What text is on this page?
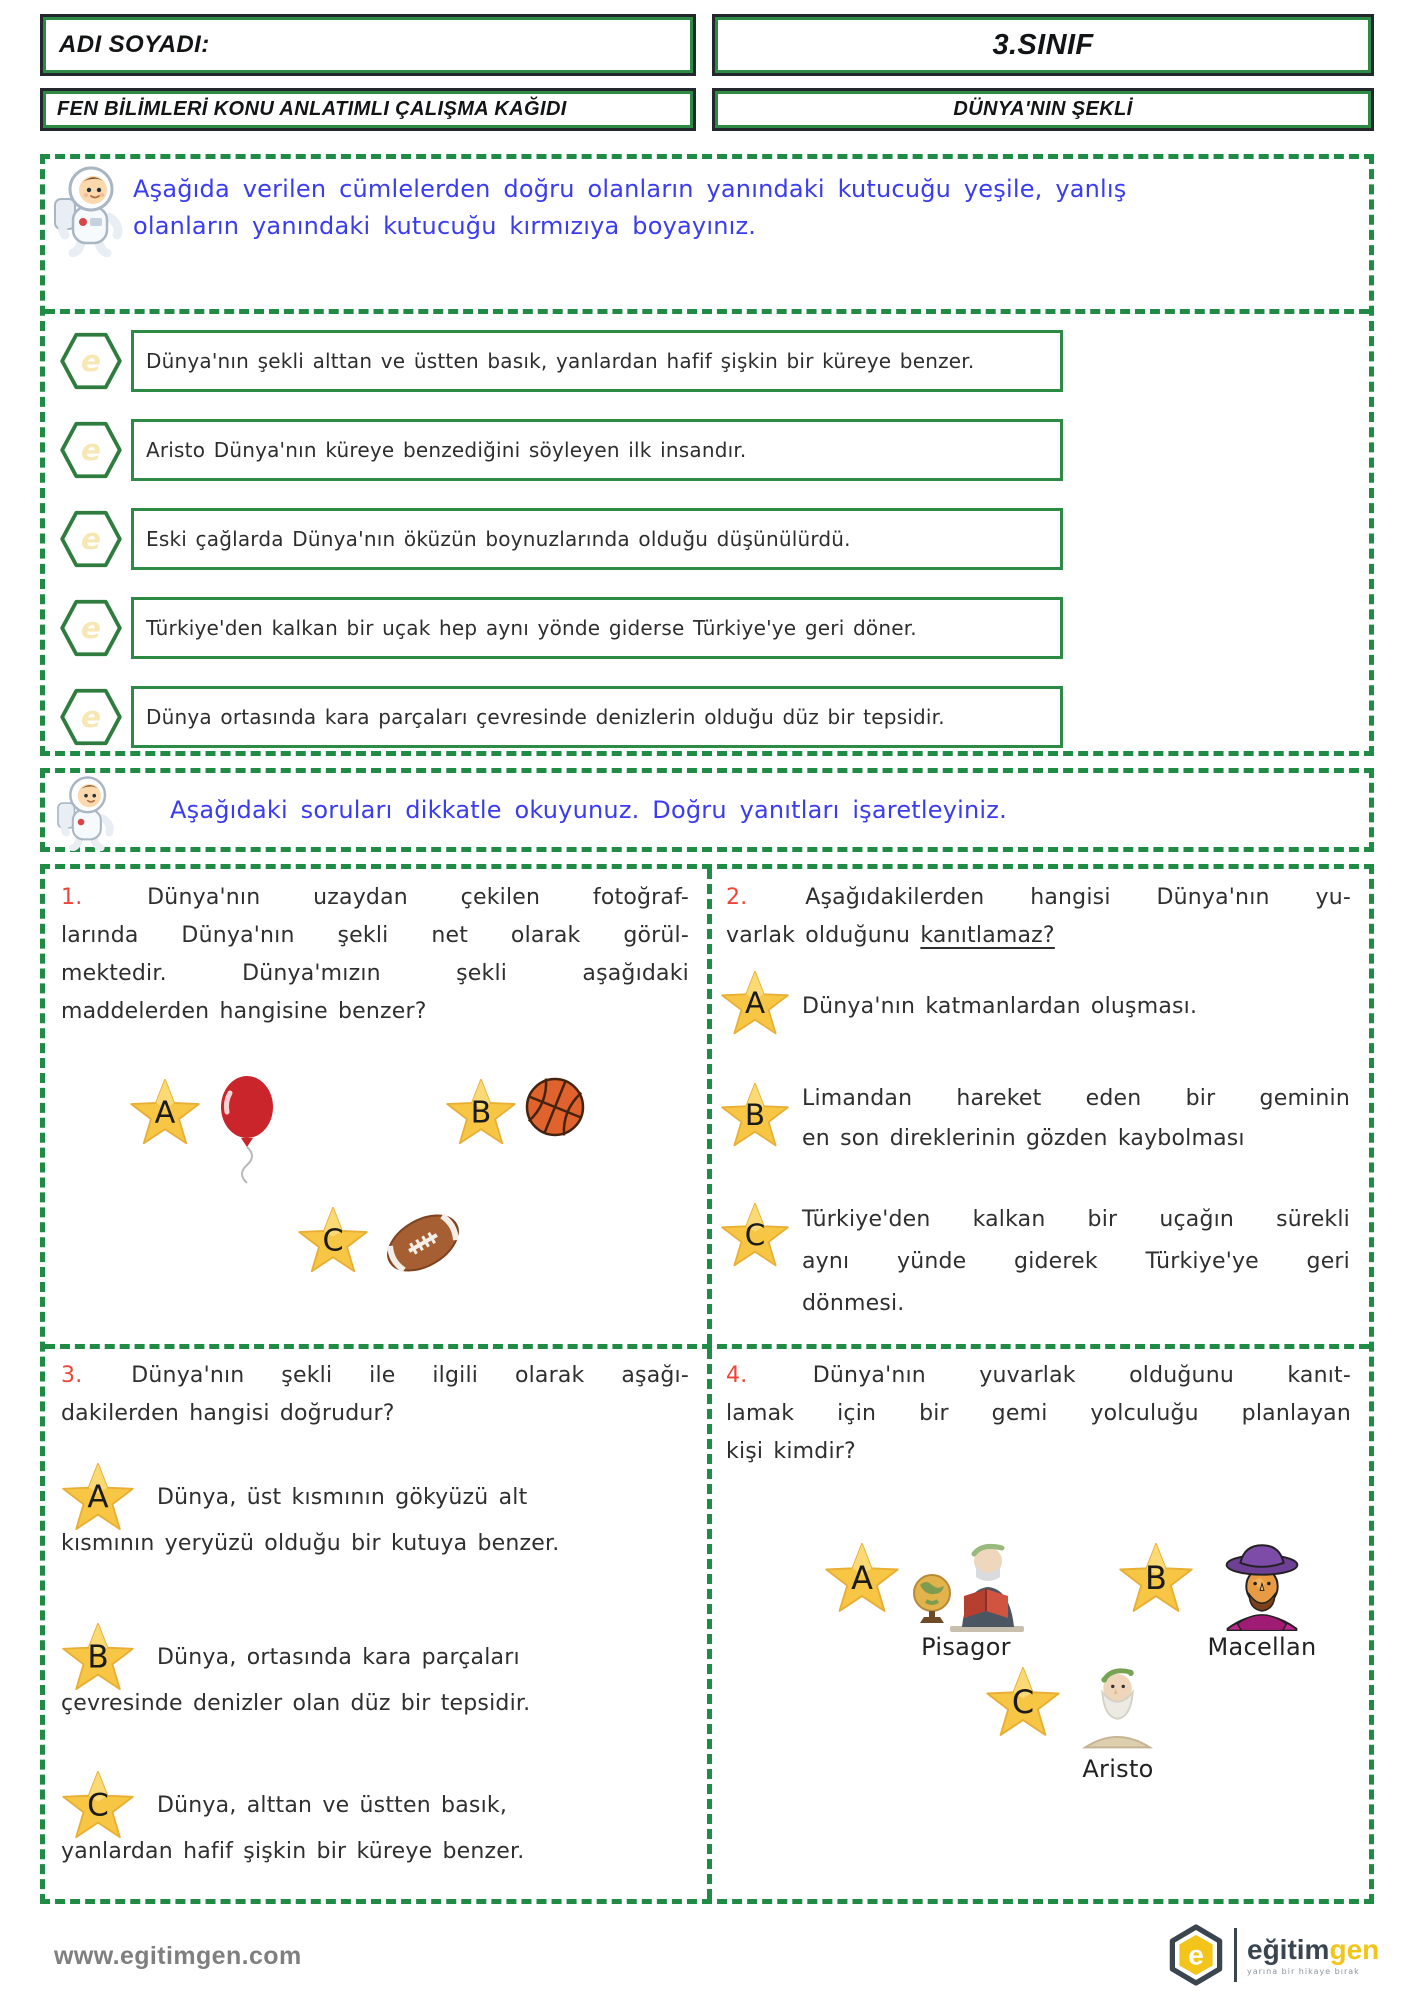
ADI SOYADI:	3.SINIF
FEN BİLİMLERİ KONU ANLATIMLI ÇALIŞMA KAĞIDI	DÜNYA'NIN ŞEKLİ
Aşağıda verilen cümlelerden doğru olanların yanındaki kutucuğu yeşile, yanlış
olanların yanındaki kutucuğu kırmızıya boyayınız.
e	Dünya'nın şekli alttan ve üstten basık, yanlardan hafif şişkin bir küreye benzer.
e	Aristo Dünya'nın küreye benzediğini söyleyen ilk insandır.
e	Eski çağlarda Dünya'nın öküzün boynuzlarında olduğu düşünülürdü.
e	Türkiye'den kalkan bir uçak hep aynı yönde giderse Türkiye'ye geri döner.
e	Dünya ortasında kara parçaları çevresinde denizlerin olduğu düz bir tepsidir.
Aşağıdaki soruları dikkatle okuyunuz. Doğru yanıtları işaretleyiniz.
1.	Dünya'nın uzaydan çekilen fotoğraf-
larında Dünya'nın şekli net olarak görül-
mektedir. Dünya'mızın şekli aşağıdaki
maddelerden hangisine benzer?
A	B
C
2.	Aşağıdakilerden hangisi Dünya'nın yu-
varlak olduğunu kanıtlamaz?
A Dünya'nın katmanlardan oluşması.
B Limandan hareket eden bir geminin
en son direklerinin gözden kaybolması
C Türkiye'den kalkan bir uçağın sürekli
aynı yünde giderek Türkiye'ye geri
dönmesi.
3. Dünya'nın şekli ile ilgili olarak aşağı-
dakilerden hangisi doğrudur?
A	Dünya, üst kısmının gökyüzü alt
kısmının yeryüzü olduğu bir kutuya benzer.
B	Dünya, ortasında kara parçaları
çevresinde denizler olan düz bir tepsidir.
C	Dünya, alttan ve üstten basık,
yanlardan hafif şişkin bir küreye benzer.
4.	Dünya'nın yuvarlak olduğunu kanıt-
lamak için bir gemi yolculuğu planlayan
kişi kimdir?
A
Pisagor
B
Macellan
C
Aristo
www.egitimgen.com	e eğitimgen
yarına bir hikaye bırak
